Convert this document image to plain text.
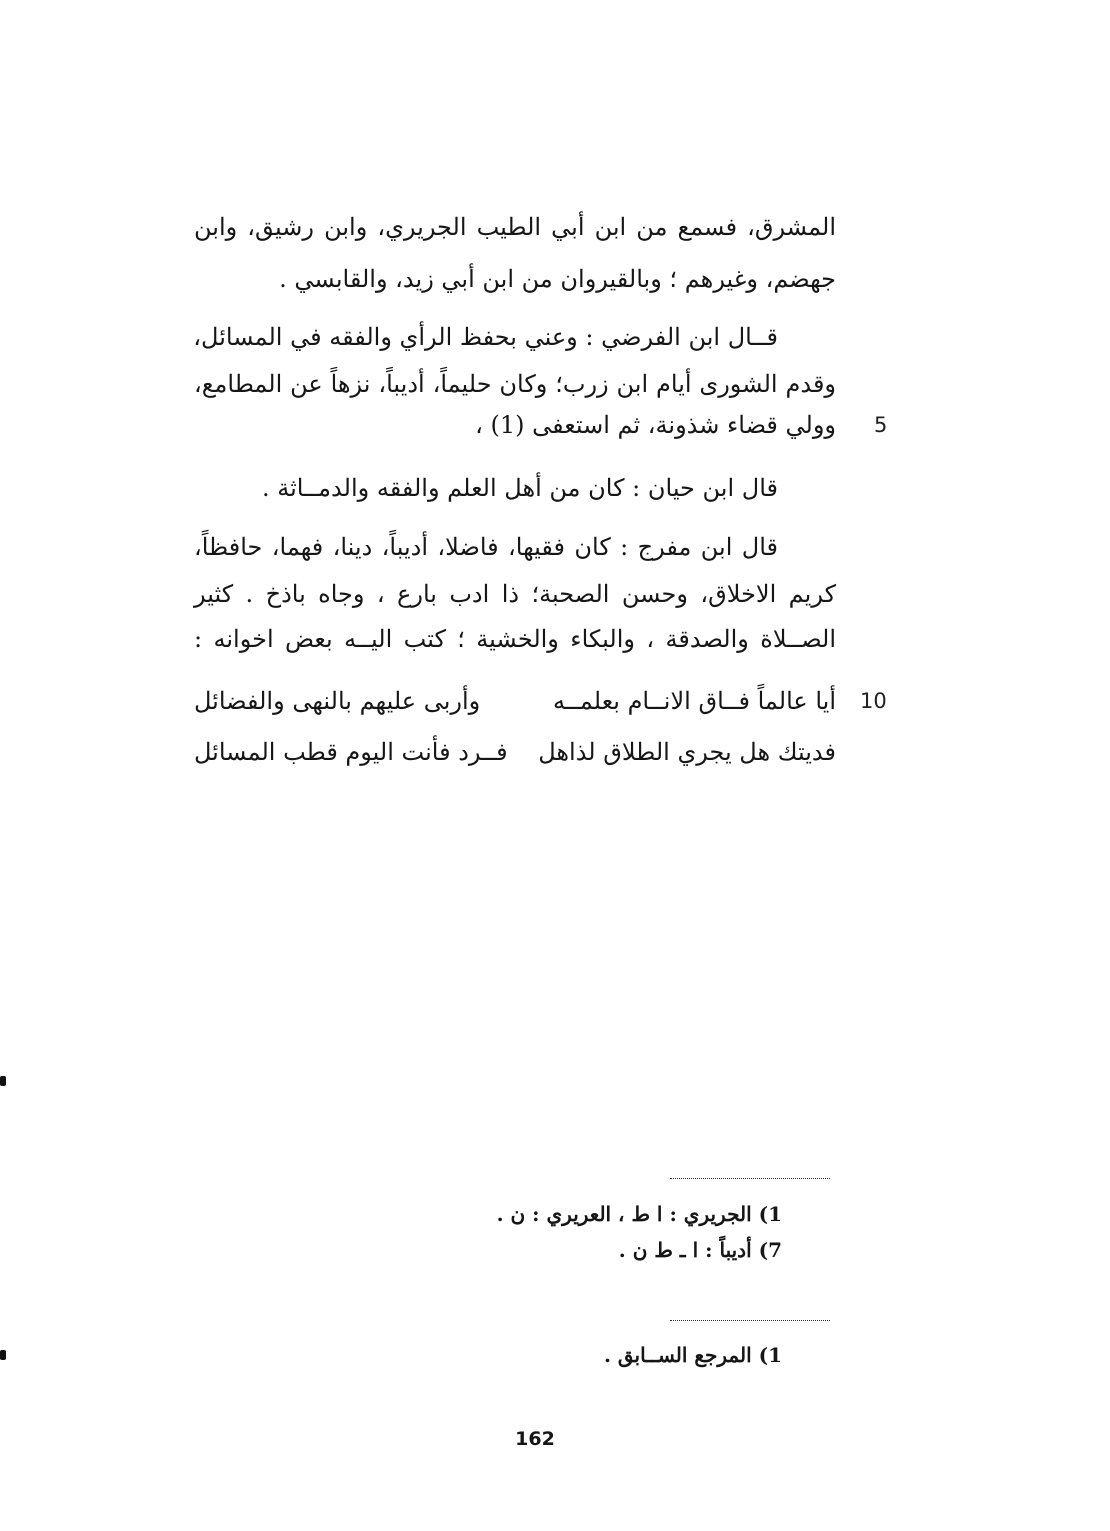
المشرق، فسمع من ابن أبي الطيب الجريري، وابن رشيق، وابن
جهضم، وغيرهم ؛ وبالقيروان من ابن أبي زيد، والقابسي .
قــال ابن الفرضي : وعني بحفظ الرأي والفقه في المسائل،
وقدم الشورى أيام ابن زرب؛ وكان حليماً، أديباً، نزهاً عن المطامع،
وولي قضاء شذونة، ثم استعفى (1) ، 5
قال ابن حيان : كان من أهل العلم والفقه والدمــاثة .
قال ابن مفرج : كان فقيها، فاضلا، أديباً، دينا، فهما، حافظاً،
كريم الاخلاق، وحسن الصحبة؛ ذا ادب بارع ، وجاه باذخ . كثير
الصــلاة والصدقة ، والبكاء والخشية ؛ كتب اليــه بعض اخوانه :
10
أيا عالماً فــاق الانــام بعلمــه
وأربى عليهم بالنهى والفضائل
فديتك هل يجري الطلاق لذاهل
فــرد فأنت اليوم قطب المسائل
1) الجريري : ا ط ، العريري : ن .
7) أديباً : ا ـ ط ن .
1) المرجع الســابق .
162
